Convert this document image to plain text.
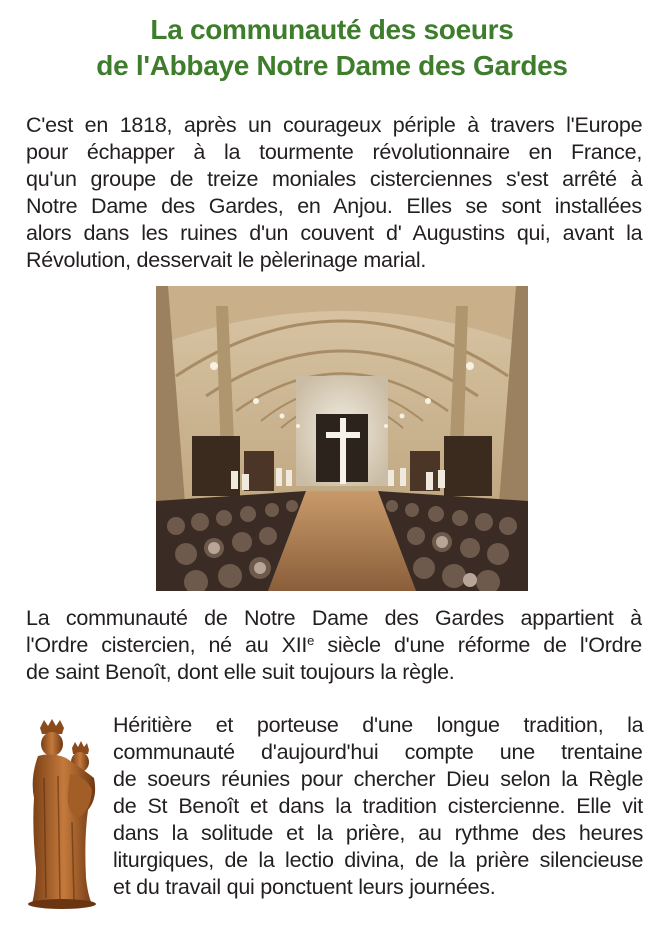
La communauté des soeurs
de l'Abbaye Notre Dame des Gardes
C'est en 1818, après un courageux périple à travers l'Europe
pour échapper à la tourmente révolutionnaire en France,
qu'un groupe de treize moniales cisterciennes s'est arrêté à
Notre Dame des Gardes, en Anjou. Elles se sont installées
alors dans les ruines d'un couvent d' Augustins qui, avant la
Révolution, desservait le pèlerinage marial.
La communauté de Notre Dame des Gardes appartient à
l'Ordre cistercien, né au XIIe siècle d'une réforme de l'Ordre
de saint Benoît, dont elle suit toujours la règle.
Héritière et porteuse d'une longue tradition, la
communauté d'aujourd'hui compte une trentaine
de soeurs réunies pour chercher Dieu selon la Règle
de St Benoît et dans la tradition cistercienne. Elle vit
dans la solitude et la prière, au rythme des heures
liturgiques, de la lectio divina, de la prière silencieuse
et du travail qui ponctuent leurs journées.
